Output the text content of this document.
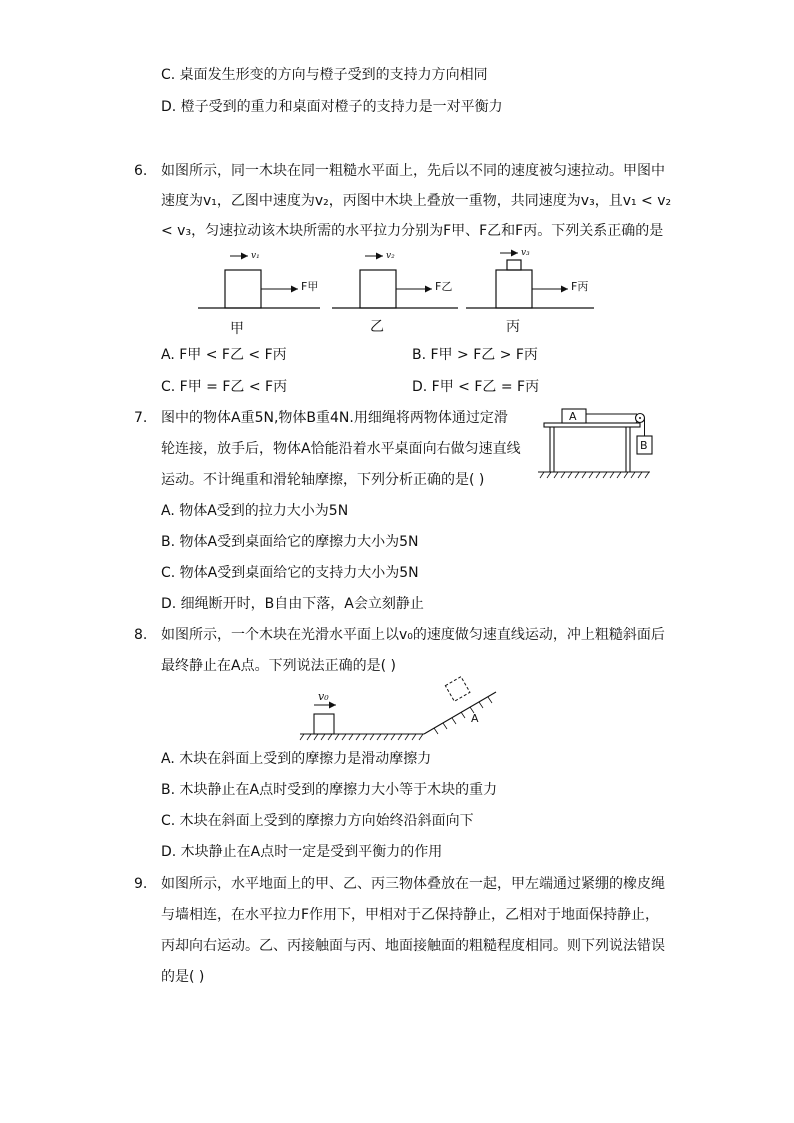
C. 桌面发生形变的方向与橙子受到的支持力方向相同
D. 橙子受到的重力和桌面对橙子的支持力是一对平衡力
6. 如图所示，同一木块在同一粗糙水平面上，先后以不同的速度被匀速拉动。甲图中
速度为v₁，乙图中速度为v₂，丙图中木块上叠放一重物，共同速度为v₃，且v₁ < v₂
< v₃，匀速拉动该木块所需的水平拉力分别为F甲、F乙和F丙。下列关系正确的是
v₁
F甲
甲
v₂
F乙
乙
v₃
F丙
丙
A. F甲 < F乙 < F丙	B. F甲 > F乙 > F丙
C. F甲 = F乙 < F丙	D. F甲 < F乙 = F丙
7. 图中的物体A重5N,物体B重4N.用细绳将两物体通过定滑
轮连接，放手后，物体A恰能沿着水平桌面向右做匀速直线
运动。不计绳重和滑轮轴摩擦，下列分析正确的是( )
A
B
A. 物体A受到的拉力大小为5N
B. 物体A受到桌面给它的摩擦力大小为5N
C. 物体A受到桌面给它的支持力大小为5N
D. 细绳断开时，B自由下落，A会立刻静止
8. 如图所示，一个木块在光滑水平面上以v₀的速度做匀速直线运动，冲上粗糙斜面后
最终静止在A点。下列说法正确的是( )
v₀
A
A. 木块在斜面上受到的摩擦力是滑动摩擦力
B. 木块静止在A点时受到的摩擦力大小等于木块的重力
C. 木块在斜面上受到的摩擦力方向始终沿斜面向下
D. 木块静止在A点时一定是受到平衡力的作用
9. 如图所示，水平地面上的甲、乙、丙三物体叠放在一起，甲左端通过紧绷的橡皮绳
与墙相连，在水平拉力F作用下，甲相对于乙保持静止，乙相对于地面保持静止，
丙却向右运动。乙、丙接触面与丙、地面接触面的粗糙程度相同。则下列说法错误
的是( )
